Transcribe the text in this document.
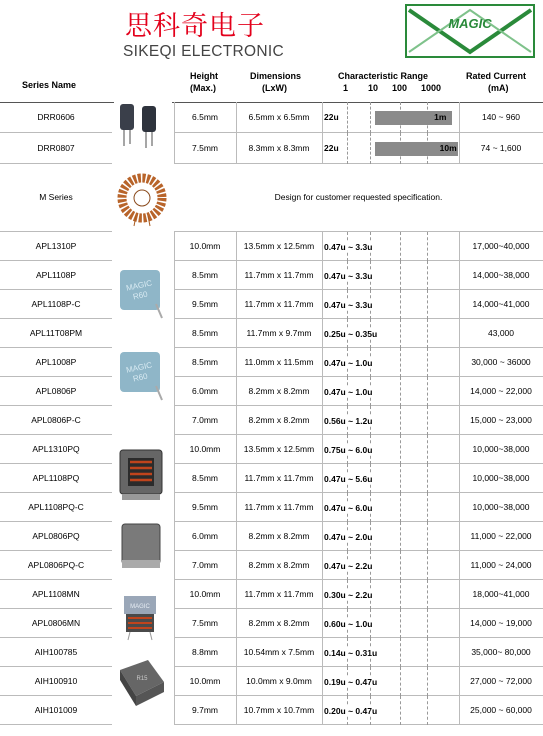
思科奇电子
SIKEQI ELECTRONIC
MAGIC
Series Name
Height
(Max.)
Dimensions
(LxW)
Characteristic Range
1 10 100 1000
Rated Current
(mA)
DRR0606	6.5mm	6.5mm x 6.5mm	22u	1m	140 ~ 960
DRR0807	7.5mm	8.3mm x 8.3mm	22u	10m	74 ~ 1,600
M Series	Design for customer requested specification.
APL1310P	10.0mm	13.5mm x 12.5mm	0.47u ~ 3.3u	17,000~40,000
APL1108P	8.5mm	11.7mm x 11.7mm	0.47u ~ 3.3u	14,000~38,000
APL1108P-C	9.5mm	11.7mm x 11.7mm	0.47u ~ 3.3u	14,000~41,000
APL11T08PM	8.5mm	11.7mm x 9.7mm	0.25u ~ 0.35u	43,000
APL1008P	8.5mm	11.0mm x 11.5mm	0.47u ~ 1.0u	30,000 ~ 36000
APL0806P	6.0mm	8.2mm x 8.2mm	0.47u ~ 1.0u	14,000 ~ 22,000
APL0806P-C	7.0mm	8.2mm x 8.2mm	0.56u ~ 1.2u	15,000 ~ 23,000
APL1310PQ	10.0mm	13.5mm x 12.5mm	0.75u ~ 6.0u	10,000~38,000
APL1108PQ	8.5mm	11.7mm x 11.7mm	0.47u ~ 5.6u	10,000~38,000
APL1108PQ-C	9.5mm	11.7mm x 11.7mm	0.47u ~ 6.0u	10,000~38,000
APL0806PQ	6.0mm	8.2mm x 8.2mm	0.47u ~ 2.0u	11,000 ~ 22,000
APL0806PQ-C	7.0mm	8.2mm x 8.2mm	0.47u ~ 2.2u	11,000 ~ 24,000
APL1108MN	10.0mm	11.7mm x 11.7mm	0.30u ~ 2.2u	18,000~41,000
APL0806MN	7.5mm	8.2mm x 8.2mm	0.60u ~ 1.0u	14,000 ~ 19,000
AIH100785	8.8mm	10.54mm x 7.5mm	0.14u ~ 0.31u	35,000~ 80,000
AIH100910	10.0mm	10.0mm x 9.0mm	0.19u ~ 0.47u	27,000 ~ 72,000
AIH101009	9.7mm	10.7mm x 10.7mm	0.20u ~ 0.47u	25,000 ~ 60,000
MAGIC
R60
MAGIC
R60
MAGIC
R15
